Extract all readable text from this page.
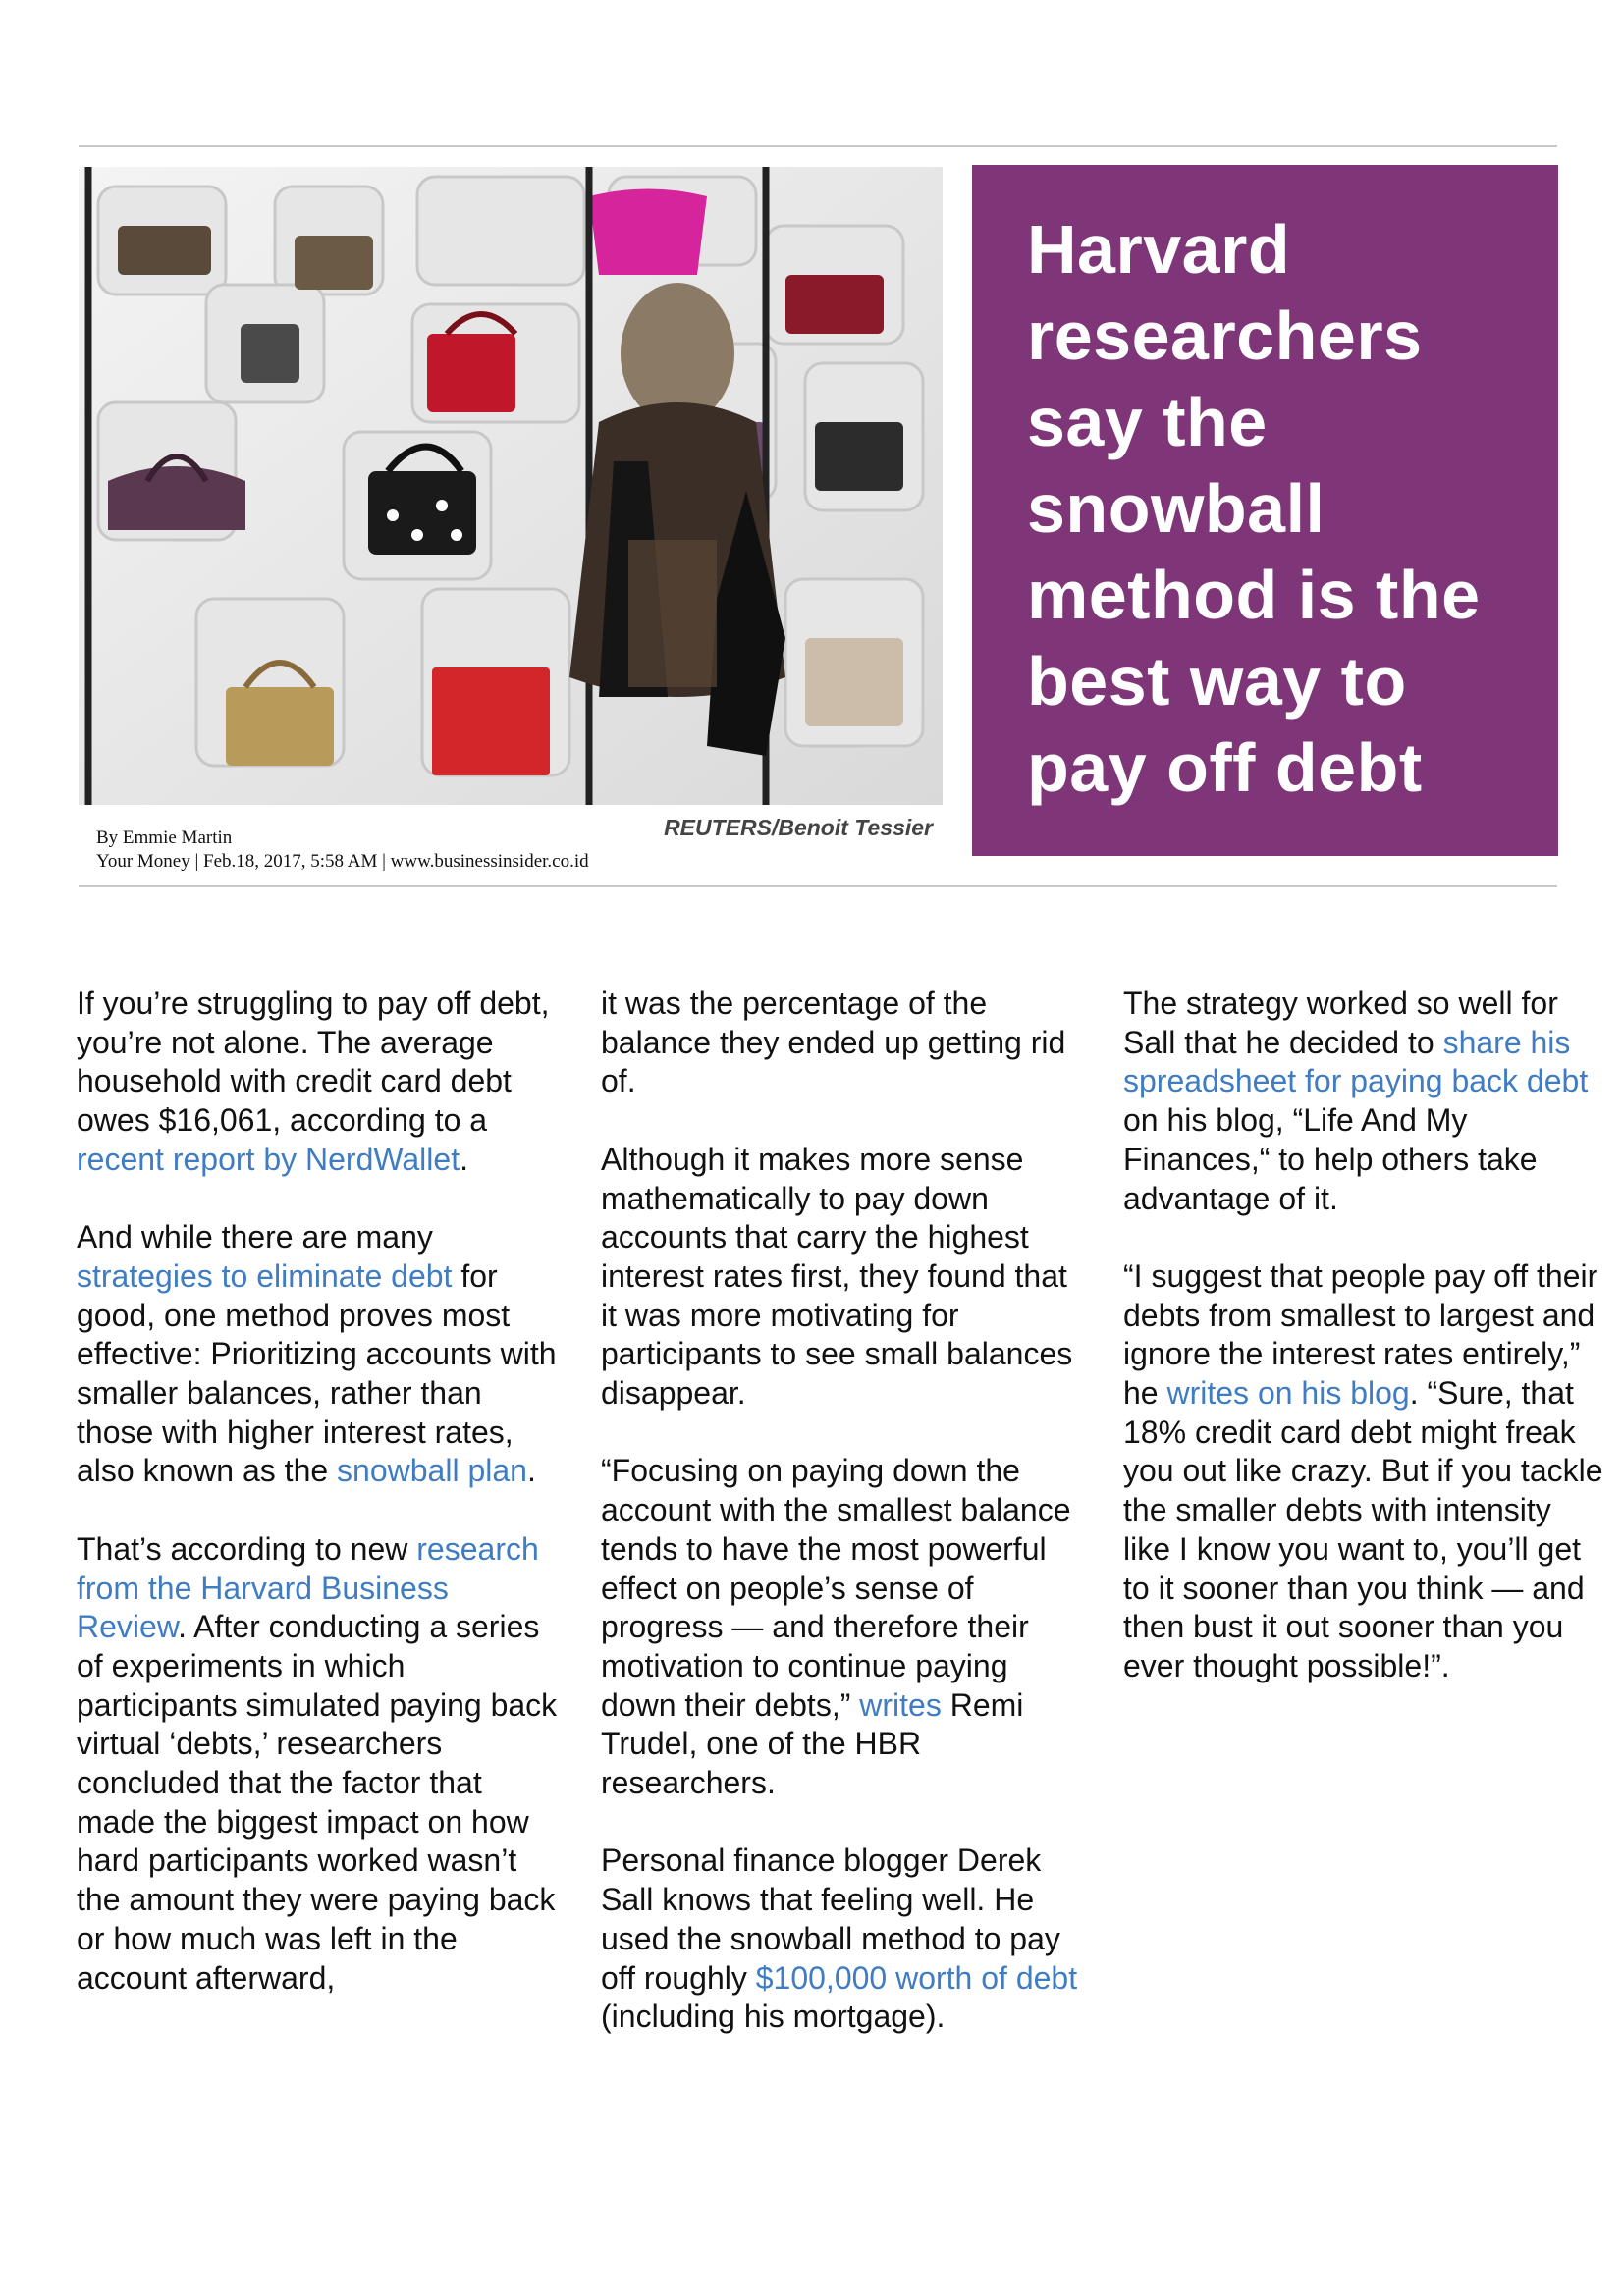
REUTERS/Benoit Tessier
By Emmie Martin
Your Money | Feb.18, 2017, 5:58 AM | www.businessinsider.co.id
Harvard researchers say the snowball method is the best way to pay off debt

If you’re struggling to pay off debt, you’re not alone. The average household with credit card debt owes $16,061, according to a recent report by NerdWallet.

And while there are many strategies to eliminate debt for good, one method proves most effective: Prioritizing accounts with smaller balances, rather than those with higher interest rates, also known as the snowball plan.

That’s according to new research from the Harvard Business Review. After conducting a series of experiments in which participants simulated paying back virtual ‘debts,’ researchers concluded that the factor that made the biggest impact on how hard participants worked wasn’t the amount they were paying back or how much was left in the account afterward,

it was the percentage of the balance they ended up getting rid of.

Although it makes more sense mathematically to pay down accounts that carry the highest interest rates first, they found that it was more motivating for participants to see small balances disappear.

“Focusing on paying down the account with the smallest balance tends to have the most powerful effect on people’s sense of progress — and therefore their motivation to continue paying down their debts,” writes Remi Trudel, one of the HBR researchers.

Personal finance blogger Derek Sall knows that feeling well. He used the snowball method to pay off roughly $100,000 worth of debt (including his mortgage).

The strategy worked so well for Sall that he decided to share his spreadsheet for paying back debt on his blog, “Life And My Finances,“ to help others take advantage of it.

“I suggest that people pay off their debts from smallest to largest and ignore the interest rates entirely,” he writes on his blog. “Sure, that 18% credit card debt might freak you out like crazy. But if you tackle the smaller debts with intensity like I know you want to, you’ll get to it sooner than you think — and then bust it out sooner than you ever thought possible!”.
